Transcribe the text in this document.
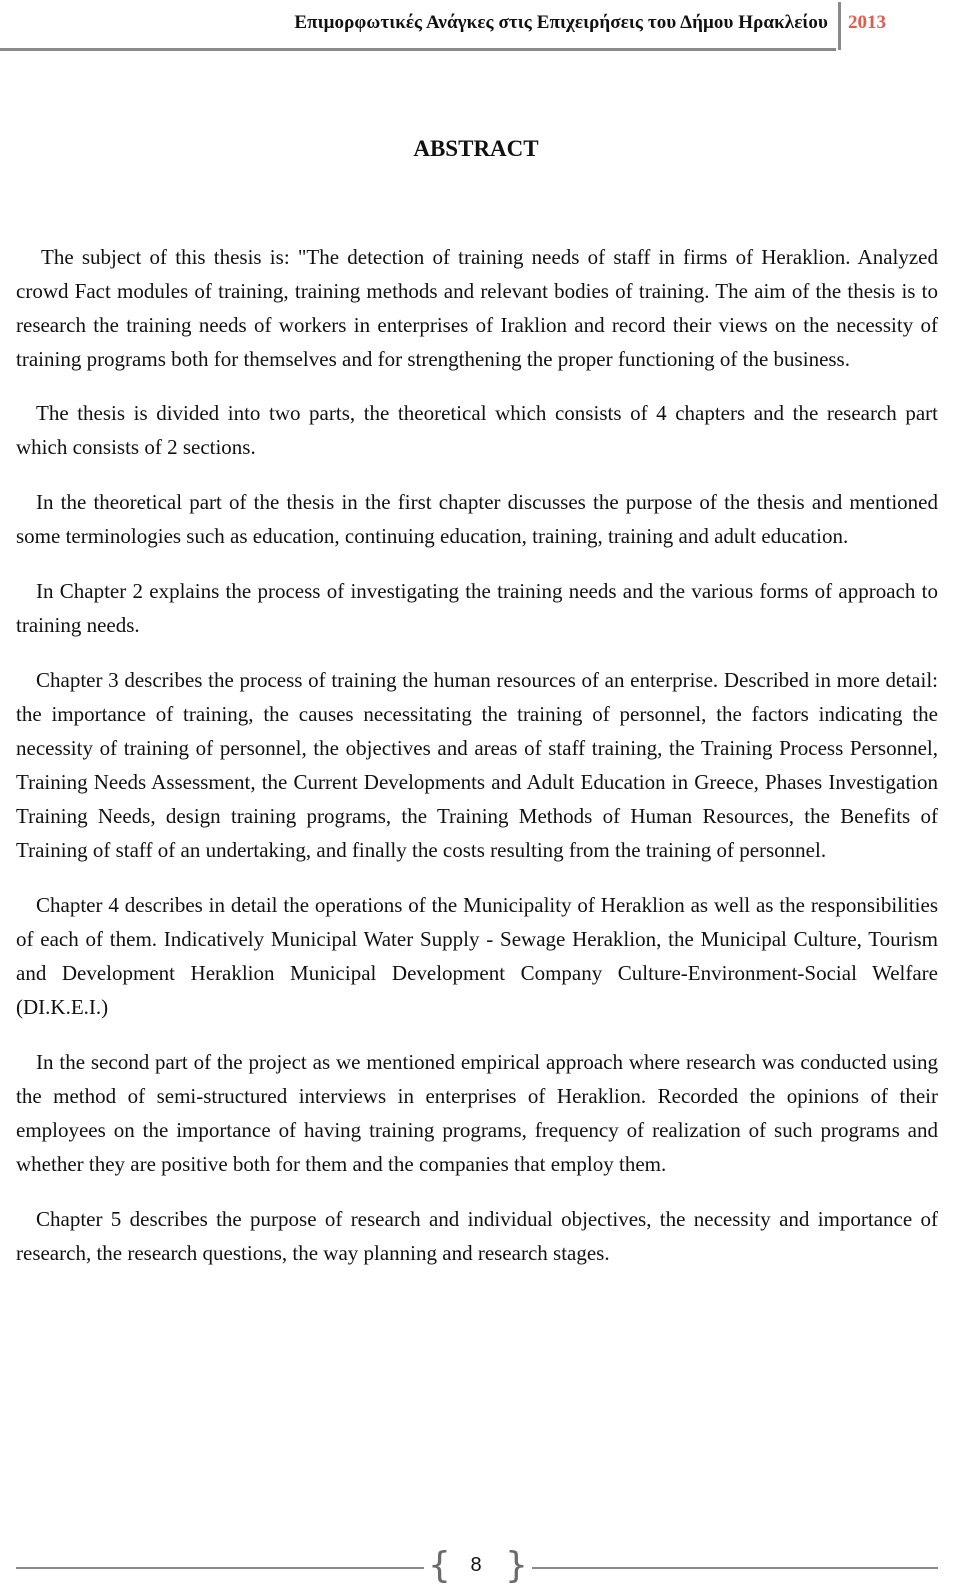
Επιμορφωτικές Ανάγκες στις Επιχειρήσεις του Δήμου Ηρακλείου 2013
ABSTRACT

The subject of this thesis is: "The detection of training needs of staff in firms of Heraklion. Analyzed crowd Fact modules of training, training methods and relevant bodies of training. The aim of the thesis is to research the training needs of workers in enterprises of Iraklion and record their views on the necessity of training programs both for themselves and for strengthening the proper functioning of the business.

The thesis is divided into two parts, the theoretical which consists of 4 chapters and the research part which consists of 2 sections.

In the theoretical part of the thesis in the first chapter discusses the purpose of the thesis and mentioned some terminologies such as education, continuing education, training, training and adult education.

In Chapter 2 explains the process of investigating the training needs and the various forms of approach to training needs.

Chapter 3 describes the process of training the human resources of an enterprise. Described in more detail: the importance of training, the causes necessitating the training of personnel, the factors indicating the necessity of training of personnel, the objectives and areas of staff training, the Training Process Personnel, Training Needs Assessment, the Current Developments and Adult Education in Greece, Phases Investigation Training Needs, design training programs, the Training Methods of Human Resources, the Benefits of Training of staff of an undertaking, and finally the costs resulting from the training of personnel.

Chapter 4 describes in detail the operations of the Municipality of Heraklion as well as the responsibilities of each of them. Indicatively Municipal Water Supply - Sewage Heraklion, the Municipal Culture, Tourism and Development Heraklion Municipal Development Company Culture-Environment-Social Welfare (DI.K.E.I.)

In the second part of the project as we mentioned empirical approach where research was conducted using the method of semi-structured interviews in enterprises of Heraklion. Recorded the opinions of their employees on the importance of having training programs, frequency of realization of such programs and whether they are positive both for them and the companies that employ them.

Chapter 5 describes the purpose of research and individual objectives, the necessity and importance of research, the research questions, the way planning and research stages.

{ 8 }
